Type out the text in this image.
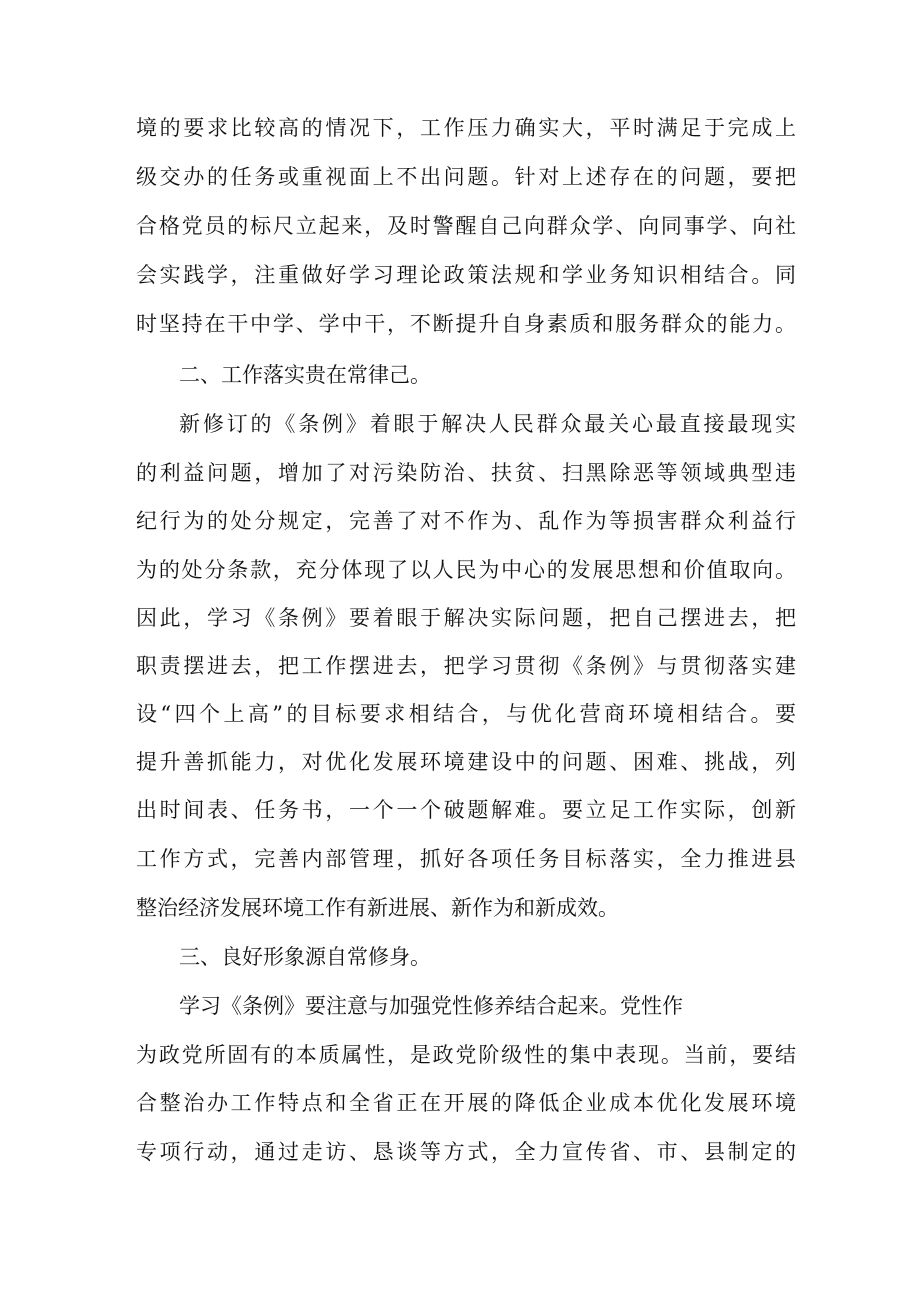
境的要求比较高的情况下，工作压力确实大，平时满足于完成上
级交办的任务或重视面上不出问题。针对上述存在的问题，要把
合格党员的标尺立起来，及时警醒自己向群众学、向同事学、向社
会实践学，注重做好学习理论政策法规和学业务知识相结合。同
时坚持在干中学、学中干，不断提升自身素质和服务群众的能力。
二、工作落实贵在常律己。
新修订的《条例》着眼于解决人民群众最关心最直接最现实
的利益问题，增加了对污染防治、扶贫、扫黑除恶等领域典型违
纪行为的处分规定，完善了对不作为、乱作为等损害群众利益行
为的处分条款，充分体现了以人民为中心的发展思想和价值取向。
因此，学习《条例》要着眼于解决实际问题，把自己摆进去，把
职责摆进去，把工作摆进去，把学习贯彻《条例》与贯彻落实建
设“四个上高”的目标要求相结合，与优化营商环境相结合。要
提升善抓能力，对优化发展环境建设中的问题、困难、挑战，列
出时间表、任务书，一个一个破题解难。要立足工作实际，创新
工作方式，完善内部管理，抓好各项任务目标落实，全力推进县
整治经济发展环境工作有新进展、新作为和新成效。
三、良好形象源自常修身。
学习《条例》要注意与加强党性修养结合起来。党性作
为政党所固有的本质属性，是政党阶级性的集中表现。当前，要结
合整治办工作特点和全省正在开展的降低企业成本优化发展环境
专项行动，通过走访、恳谈等方式，全力宣传省、市、县制定的
